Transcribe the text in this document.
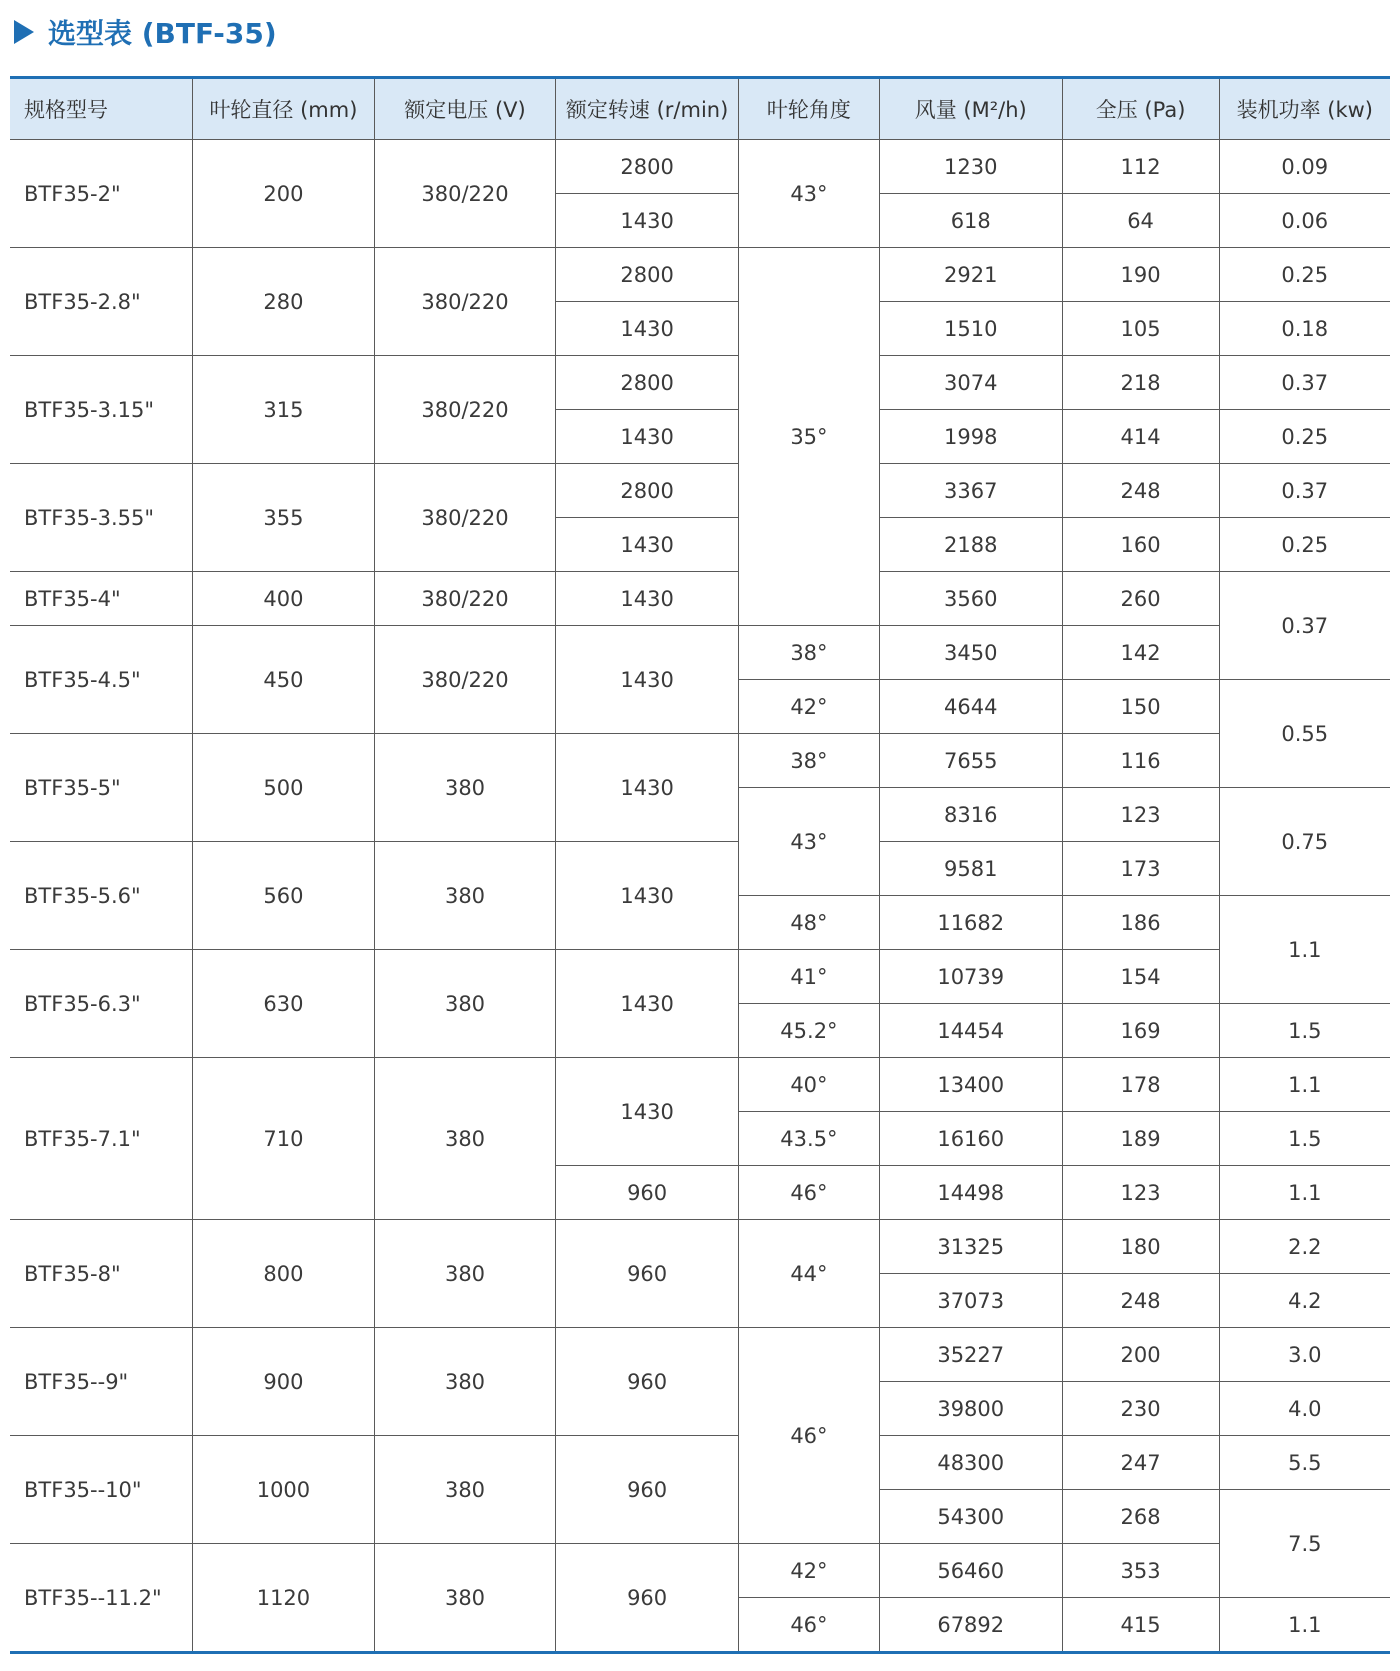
选型表 (BTF-35)
规格型号	叶轮直径 (mm)	额定电压 (V)	额定转速 (r/min)	叶轮角度	风量 (M²/h)	全压 (Pa)	装机功率 (kw)
BTF35-2"	200	380/220	2800	43°	1230	112	0.09
			1430		618	64	0.06
BTF35-2.8"	280	380/220	2800	35°	2921	190	0.25
			1430		1510	105	0.18
BTF35-3.15"	315	380/220	2800		3074	218	0.37
			1430		1998	414	0.25
BTF35-3.55"	355	380/220	2800		3367	248	0.37
			1430		2188	160	0.25
BTF35-4"	400	380/220	1430		3560	260	0.37
BTF35-4.5"	450	380/220	1430	38°	3450	142	
				42°	4644	150	0.55
BTF35-5"	500	380	1430	38°	7655	116	
				43°	8316	123	0.75
BTF35-5.6"	560	380	1430		9581	173	
				48°	11682	186	1.1
BTF35-6.3"	630	380	1430	41°	10739	154	
				45.2°	14454	169	1.5
BTF35-7.1"	710	380	1430	40°	13400	178	1.1
				43.5°	16160	189	1.5
			960	46°	14498	123	1.1
BTF35-8"	800	380	960	44°	31325	180	2.2
					37073	248	4.2
BTF35--9"	900	380	960	46°	35227	200	3.0
					39800	230	4.0
BTF35--10"	1000	380	960		48300	247	5.5
					54300	268	7.5
BTF35--11.2"	1120	380	960	42°	56460	353	
				46°	67892	415	1.1
